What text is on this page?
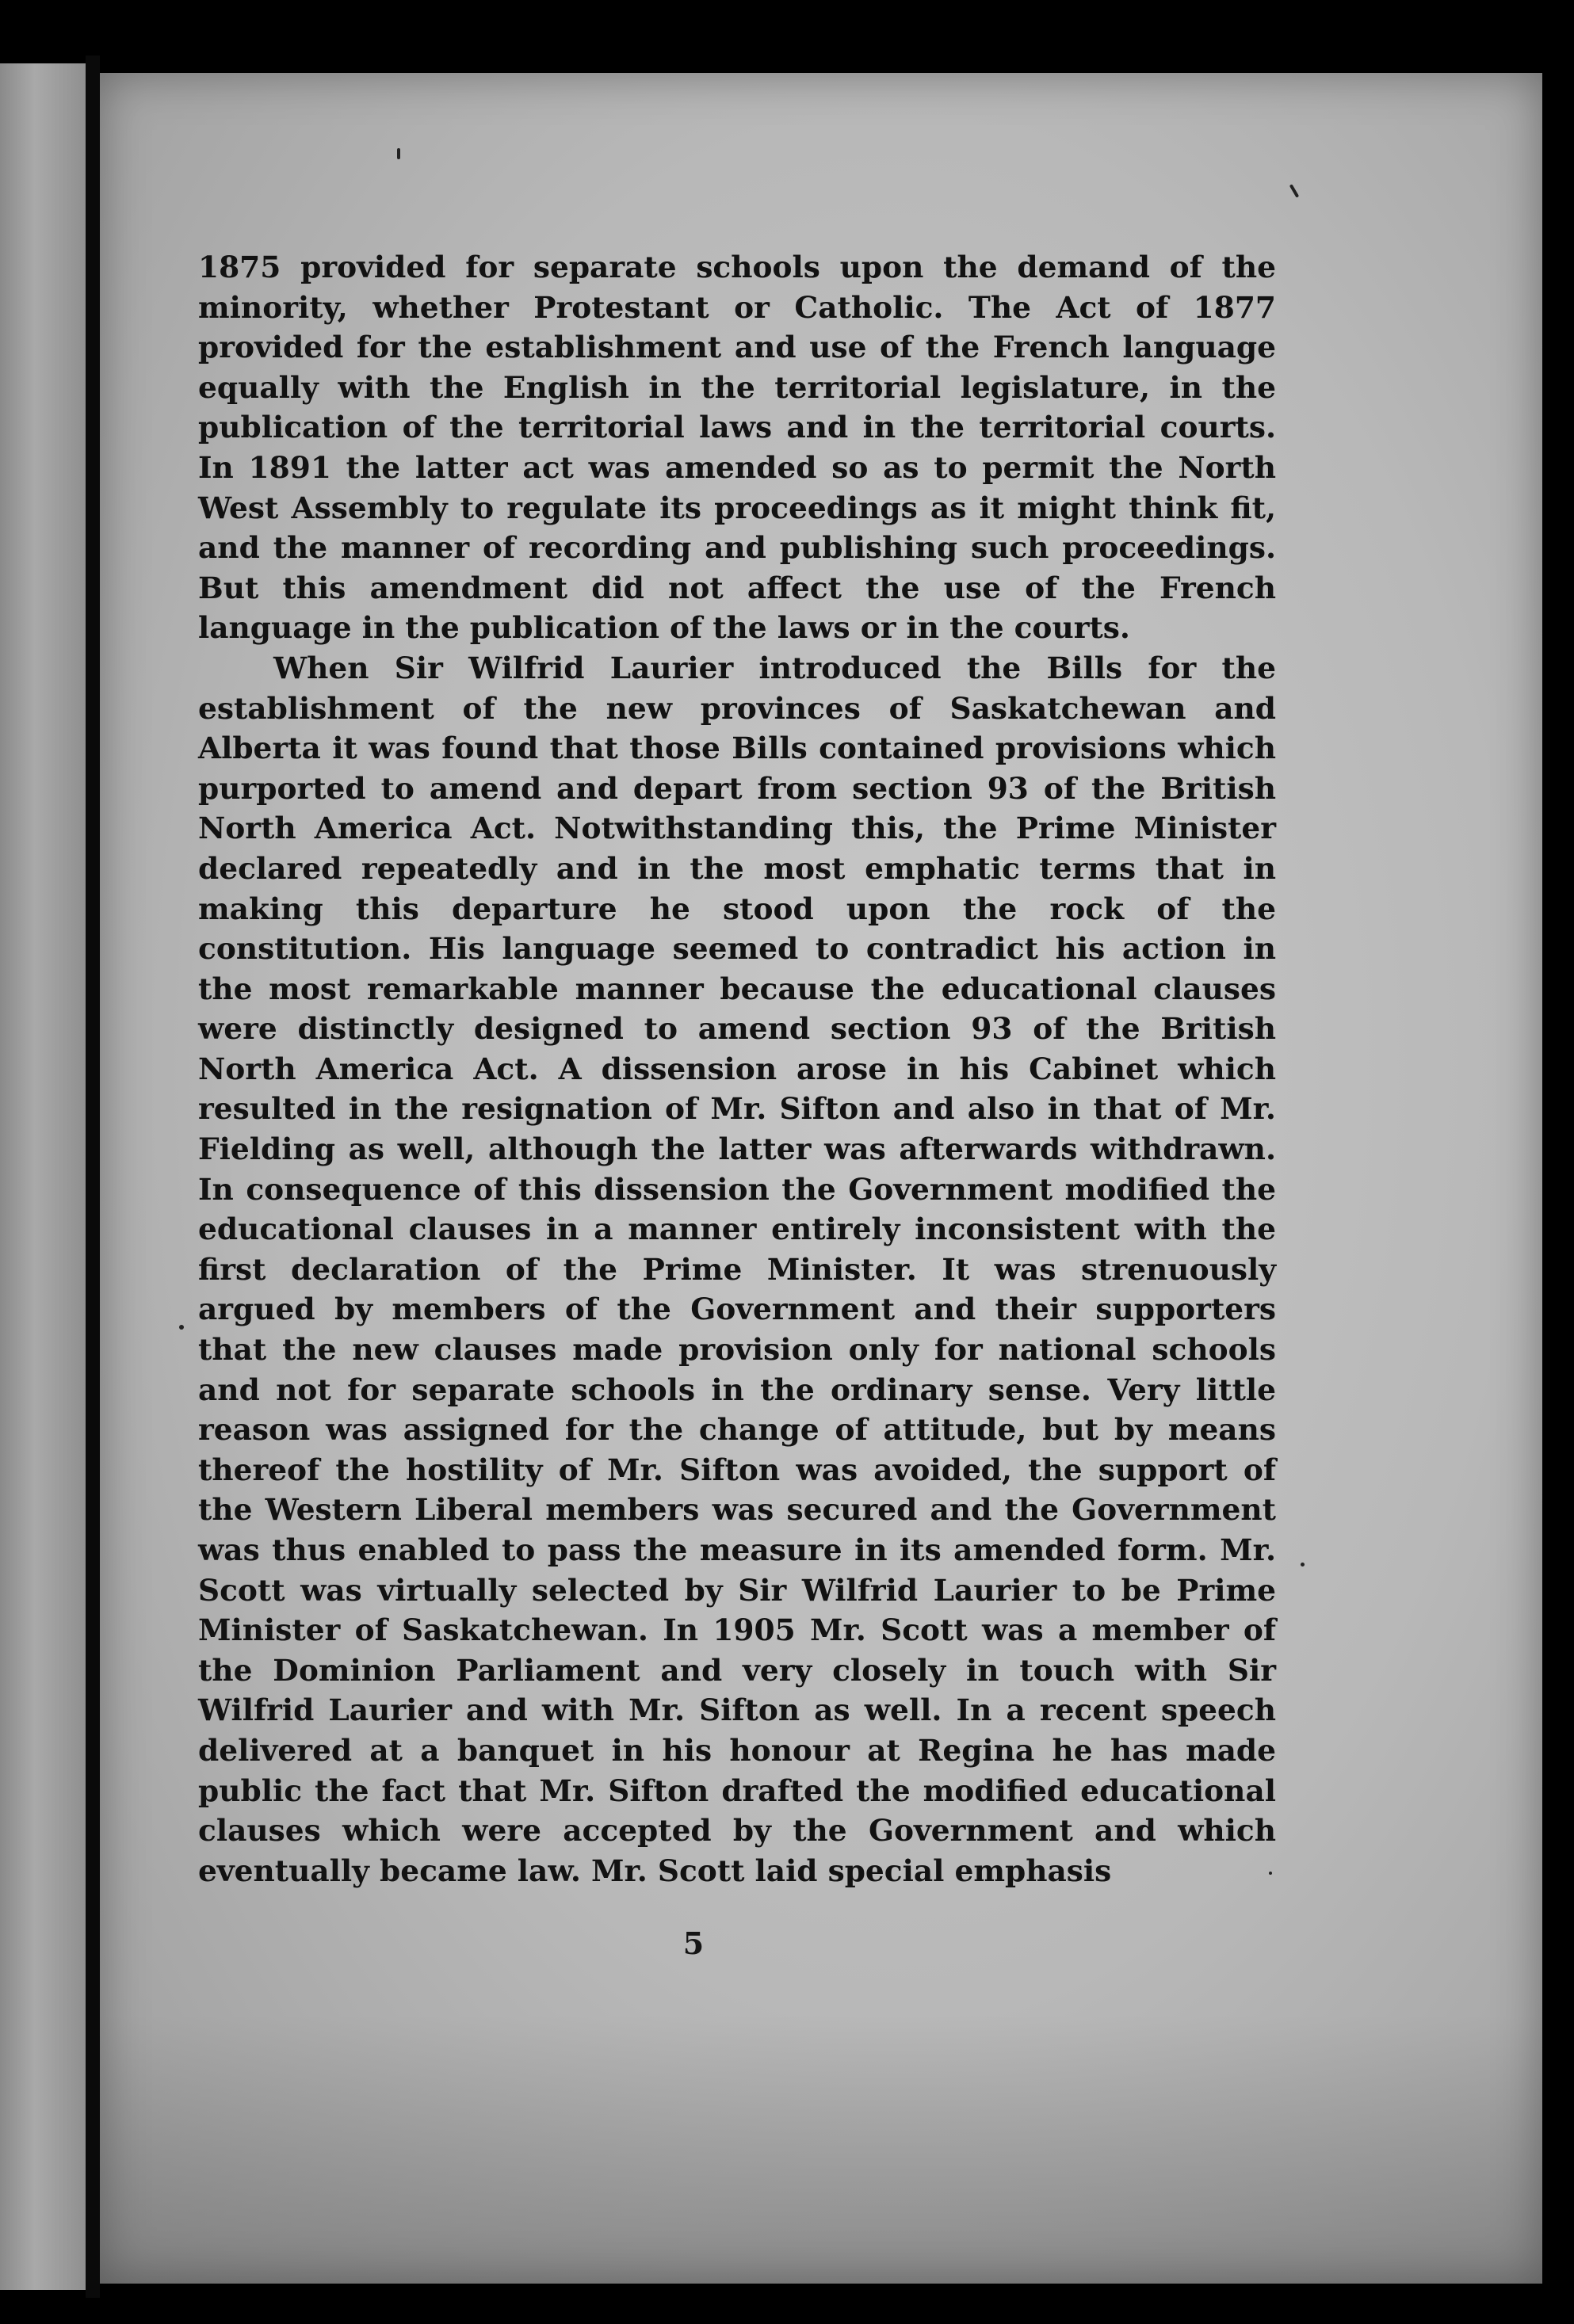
1875 provided for separate schools upon the demand of the minority, whether Protestant or Catholic. The Act of 1877 provided for the establishment and use of the French language equally with the English in the territorial legislature, in the publication of the territorial laws and in the territorial courts. In 1891 the latter act was amended so as to permit the North West Assembly to regulate its proceedings as it might think fit, and the manner of recording and publishing such proceedings. But this amendment did not affect the use of the French language in the publication of the laws or in the courts.

When Sir Wilfrid Laurier introduced the Bills for the establishment of the new provinces of Saskatchewan and Alberta it was found that those Bills contained provisions which purported to amend and depart from section 93 of the British North America Act. Notwithstanding this, the Prime Minister declared repeatedly and in the most emphatic terms that in making this departure he stood upon the rock of the constitution. His language seemed to contradict his action in the most remarkable manner because the educational clauses were distinctly designed to amend section 93 of the British North America Act. A dissension arose in his Cabinet which resulted in the resignation of Mr. Sifton and also in that of Mr. Fielding as well, although the latter was afterwards withdrawn. In consequence of this dissension the Government modified the educational clauses in a manner entirely inconsistent with the first declaration of the Prime Minister. It was strenuously argued by members of the Government and their supporters that the new clauses made provision only for national schools and not for separate schools in the ordinary sense. Very little reason was assigned for the change of attitude, but by means thereof the hostility of Mr. Sifton was avoided, the support of the Western Liberal members was secured and the Government was thus enabled to pass the measure in its amended form. Mr. Scott was virtually selected by Sir Wilfrid Laurier to be Prime Minister of Saskatchewan. In 1905 Mr. Scott was a member of the Dominion Parliament and very closely in touch with Sir Wilfrid Laurier and with Mr. Sifton as well. In a recent speech delivered at a banquet in his honour at Regina he has made public the fact that Mr. Sifton drafted the modified educational clauses which were accepted by the Government and which eventually became law. Mr. Scott laid special emphasis

5
